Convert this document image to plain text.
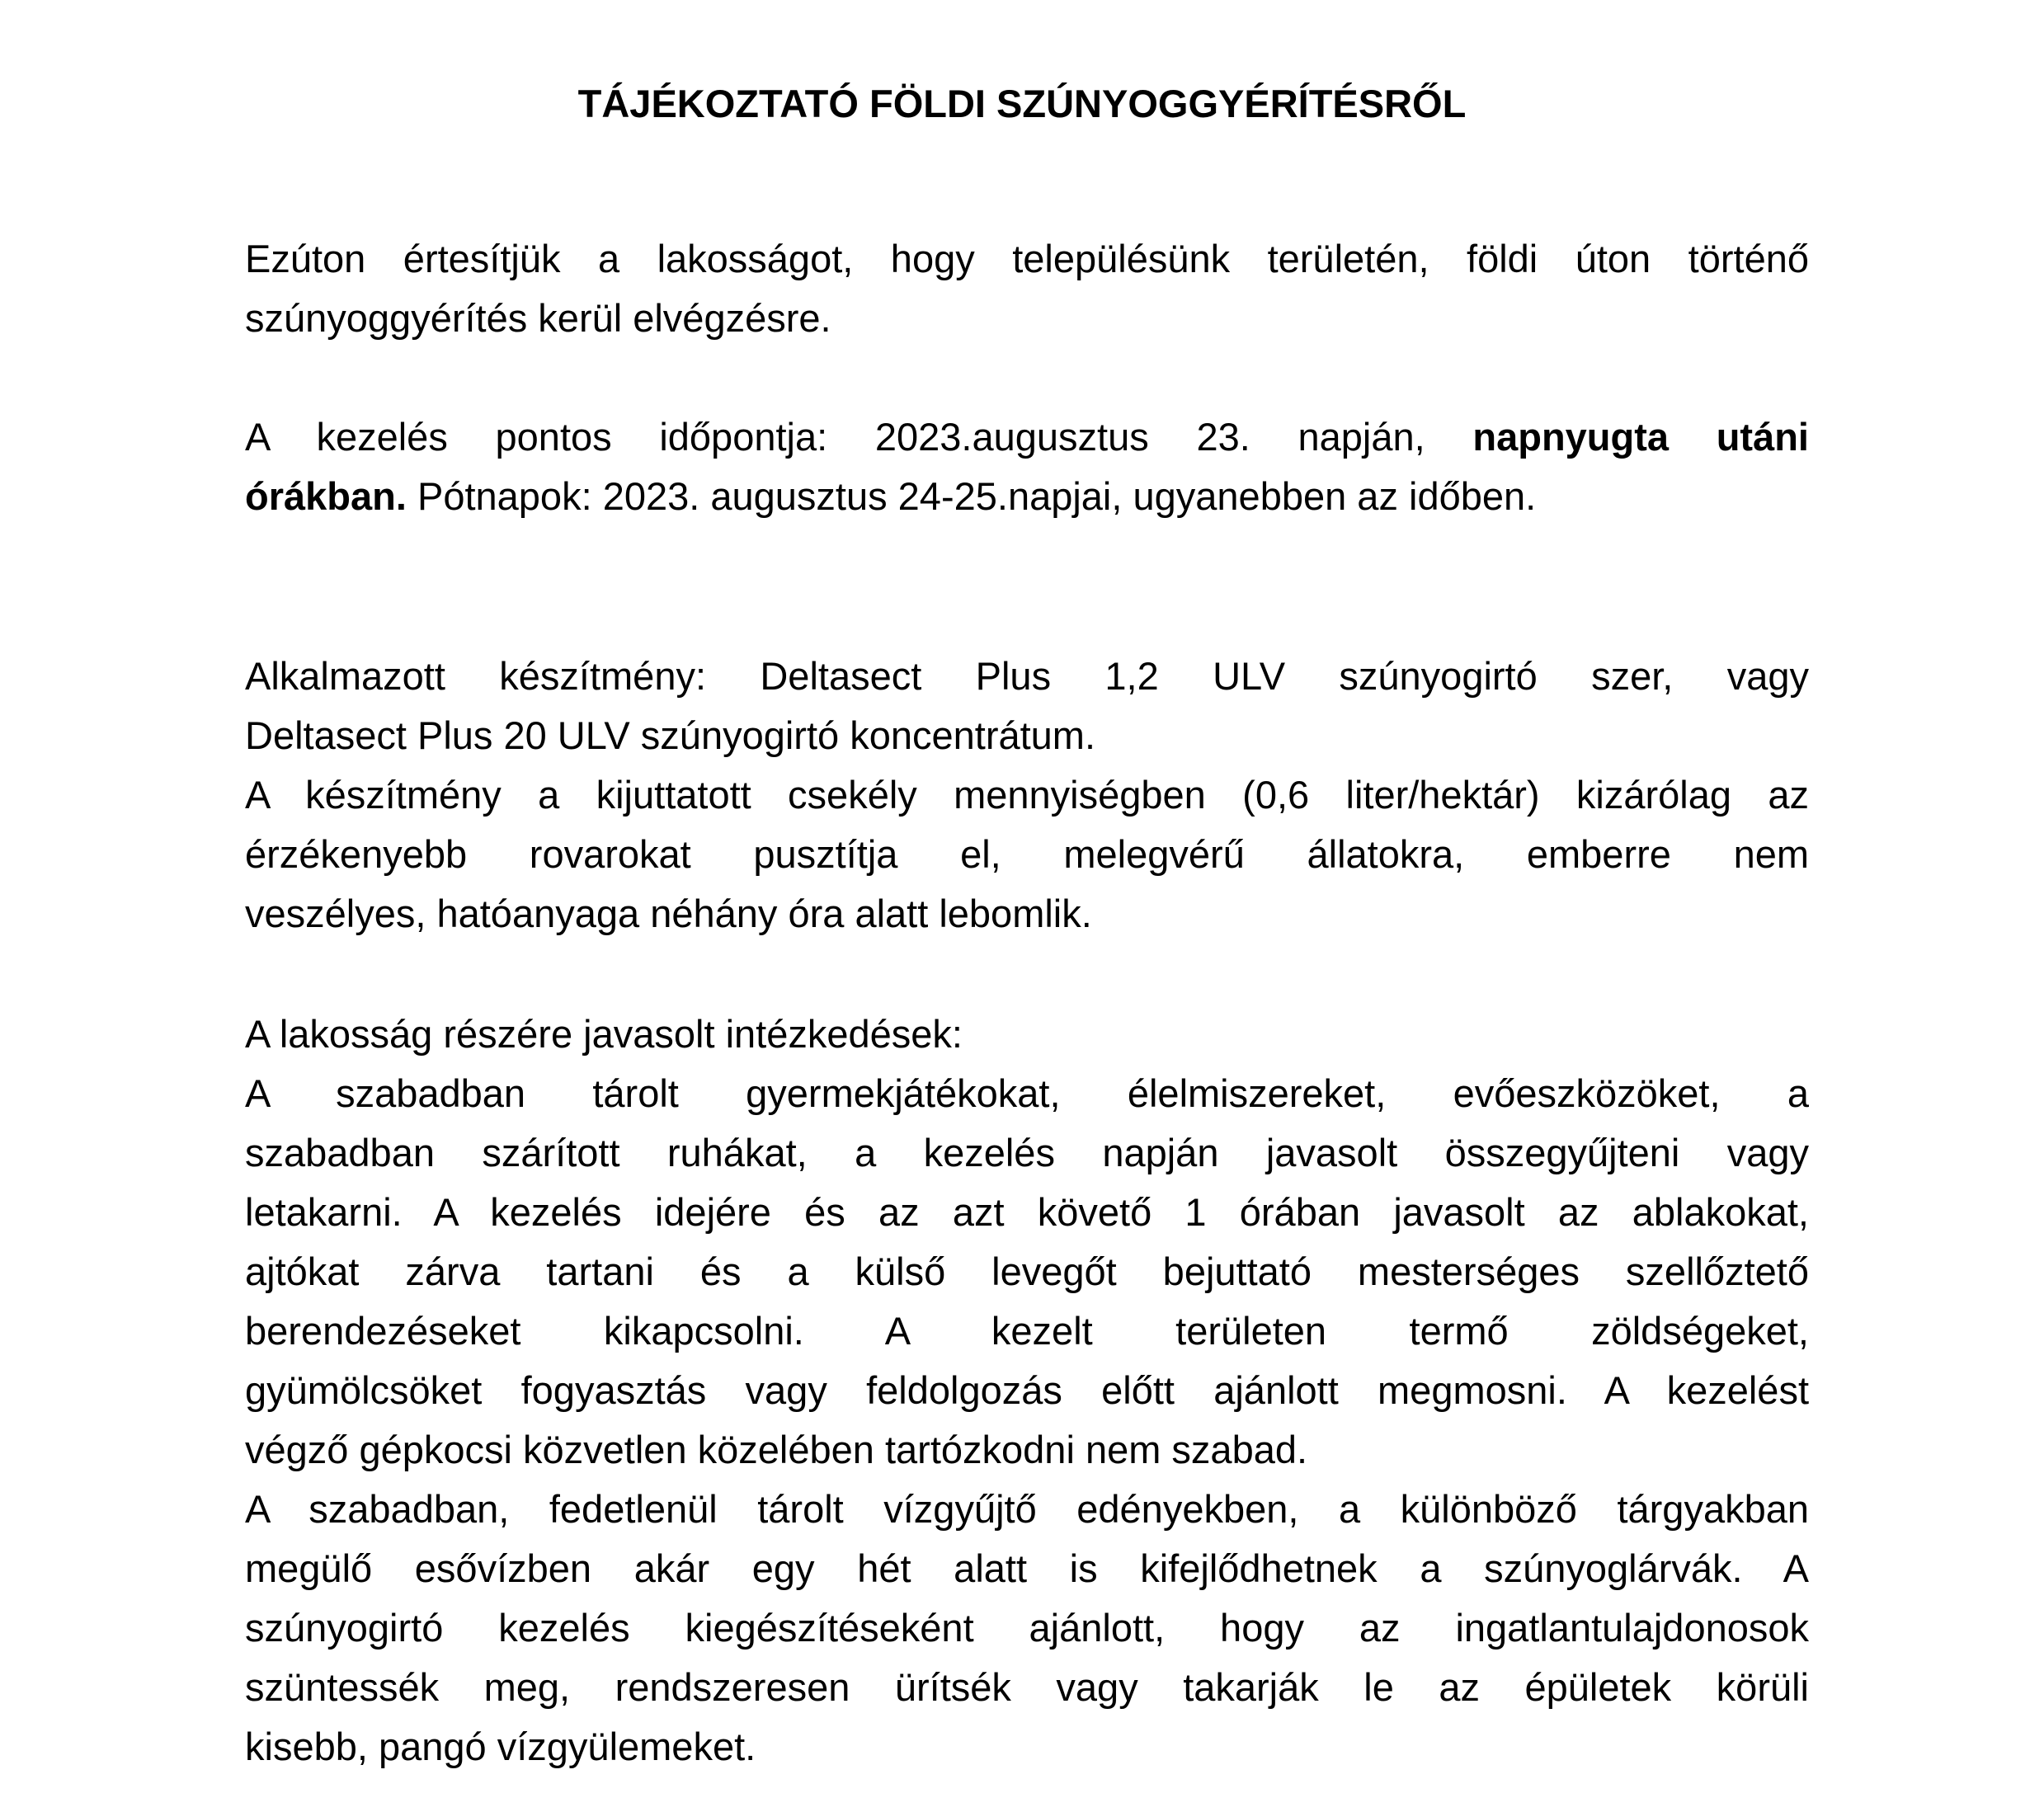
TÁJÉKOZTATÓ FÖLDI SZÚNYOGGYÉRÍTÉSRŐL
Ezúton értesítjük a lakosságot, hogy településünk területén, földi úton történő
szúnyoggyérítés kerül elvégzésre.
A kezelés pontos időpontja: 2023.augusztus 23. napján, napnyugta utáni
órákban. Pótnapok: 2023. augusztus 24-25.napjai, ugyanebben az időben.
Alkalmazott készítmény: Deltasect Plus 1,2 ULV szúnyogirtó szer, vagy
Deltasect Plus 20 ULV szúnyogirtó koncentrátum.
A készítmény a kijuttatott csekély mennyiségben (0,6 liter/hektár) kizárólag az
érzékenyebb rovarokat pusztítja el, melegvérű állatokra, emberre nem
veszélyes, hatóanyaga néhány óra alatt lebomlik.
A lakosság részére javasolt intézkedések:
A szabadban tárolt gyermekjátékokat, élelmiszereket, evőeszközöket, a
szabadban szárított ruhákat, a kezelés napján javasolt összegyűjteni vagy
letakarni. A kezelés idejére és az azt követő 1 órában javasolt az ablakokat,
ajtókat zárva tartani és a külső levegőt bejuttató mesterséges szellőztető
berendezéseket kikapcsolni. A kezelt területen termő zöldségeket,
gyümölcsöket fogyasztás vagy feldolgozás előtt ajánlott megmosni. A kezelést
végző gépkocsi közvetlen közelében tartózkodni nem szabad.
A szabadban, fedetlenül tárolt vízgyűjtő edényekben, a különböző tárgyakban
megülő esővízben akár egy hét alatt is kifejlődhetnek a szúnyoglárvák. A
szúnyogirtó kezelés kiegészítéseként ajánlott, hogy az ingatlantulajdonosok
szüntessék meg, rendszeresen ürítsék vagy takarják le az épületek körüli
kisebb, pangó vízgyülemeket.
